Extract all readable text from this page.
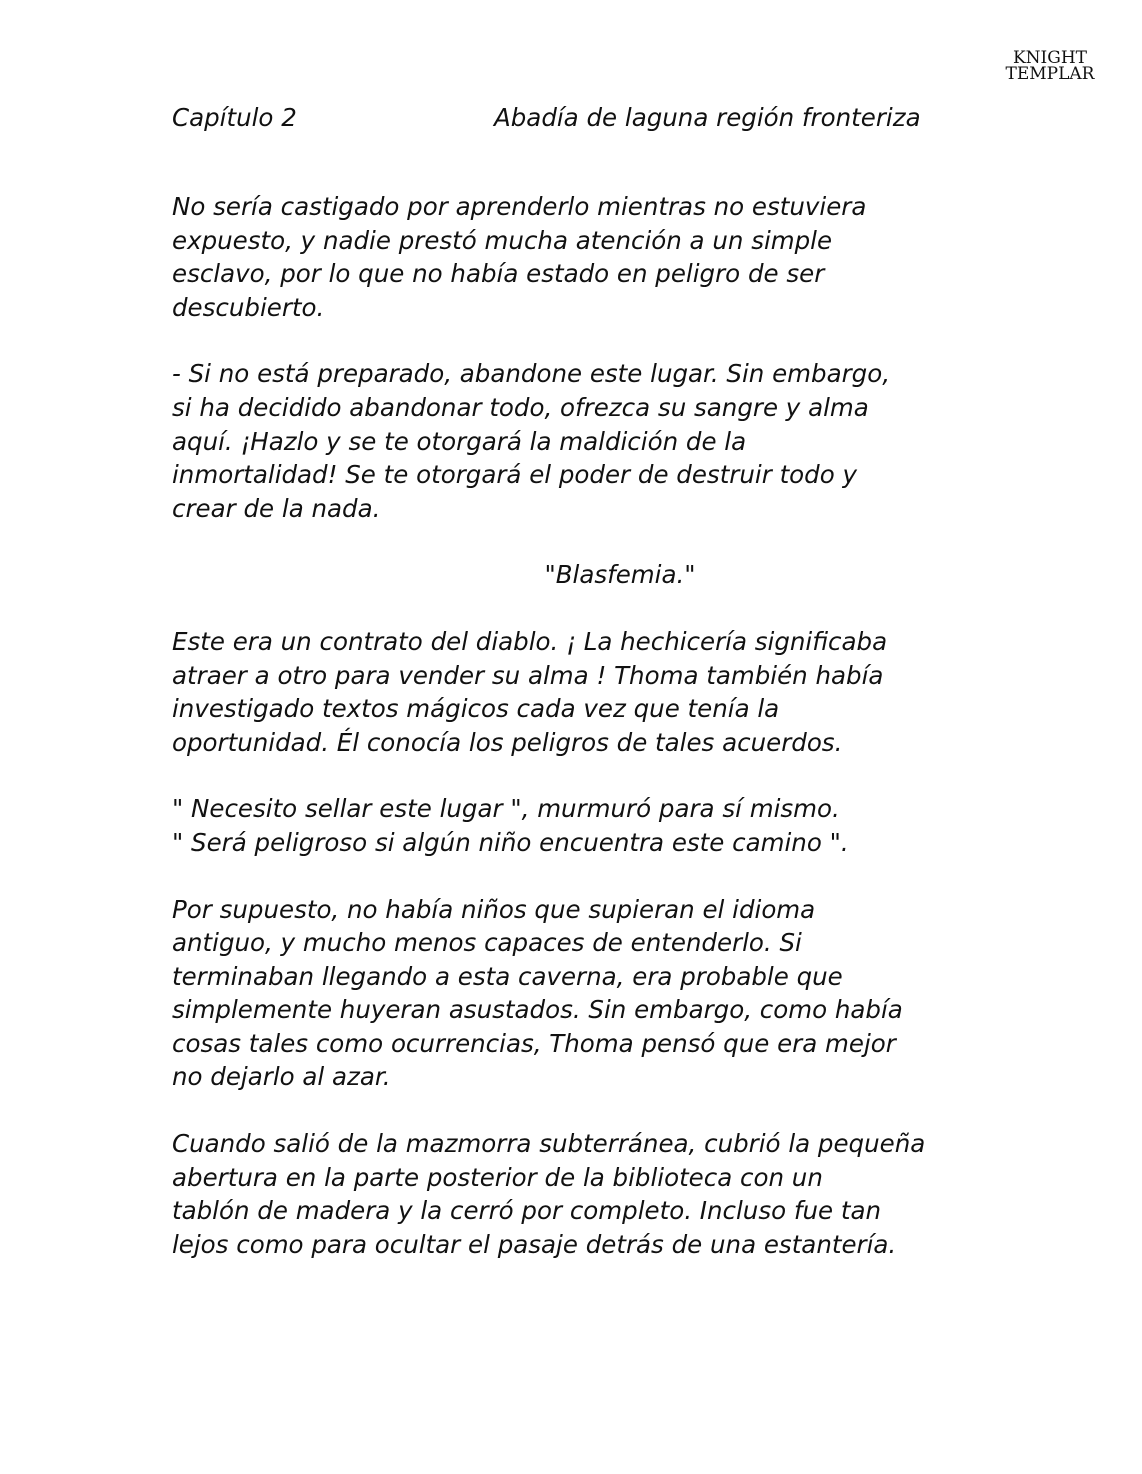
KNIGHT
TEMPLAR
Capítulo 2	Abadía de laguna región fronteriza

No sería castigado por aprenderlo mientras no estuviera
expuesto, y nadie prestó mucha atención a un simple
esclavo, por lo que no había estado en peligro de ser
descubierto.

- Si no está preparado, abandone este lugar. Sin embargo,
si ha decidido abandonar todo, ofrezca su sangre y alma
aquí. ¡Hazlo y se te otorgará la maldición de la
inmortalidad! Se te otorgará el poder de destruir todo y
crear de la nada.

"Blasfemia."

Este era un contrato del diablo. ¡ La hechicería significaba
atraer a otro para vender su alma ! Thoma también había
investigado textos mágicos cada vez que tenía la
oportunidad. Él conocía los peligros de tales acuerdos.

" Necesito sellar este lugar ", murmuró para sí mismo.
" Será peligroso si algún niño encuentra este camino ".

Por supuesto, no había niños que supieran el idioma
antiguo, y mucho menos capaces de entenderlo. Si
terminaban llegando a esta caverna, era probable que
simplemente huyeran asustados. Sin embargo, como había
cosas tales como ocurrencias, Thoma pensó que era mejor
no dejarlo al azar.

Cuando salió de la mazmorra subterránea, cubrió la pequeña
abertura en la parte posterior de la biblioteca con un
tablón de madera y la cerró por completo. Incluso fue tan
lejos como para ocultar el pasaje detrás de una estantería.
